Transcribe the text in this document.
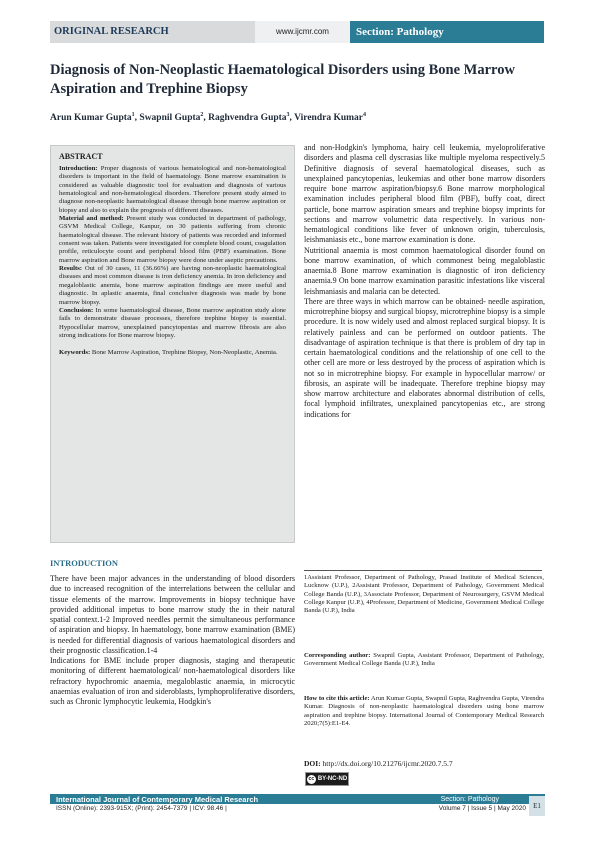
ORIGINAL RESEARCH	www.ijcmr.com	Section: Pathology
Diagnosis of Non-Neoplastic Haematological Disorders using Bone Marrow Aspiration and Trephine Biopsy
Arun Kumar Gupta$^1$, Swapnil Gupta$^2$, Raghvendra Gupta$^3$, Virendra Kumar$^4$
ABSTRACT

Introduction: Proper diagnosis of various hematological and non-hematological disorders is important in the field of haematology. Bone marrow examination is considered as valuable diagnostic tool for evaluation and diagnosis of various hematological and non-hematological disorders. Therefore present study aimed to diagnose non-neoplastic haematological disease through bone marrow aspiration or biopsy and also to explain the prognosis of different diseases.

Material and method: Present study was conducted in department of pathology, GSVM Medical College, Kanpur, on 30 patients suffering from chronic haematological disease. The relevant history of patients was recorded and informed consent was taken. Patients were investigated for complete blood count, coagulation profile, reticulocyte count and peripheral blood film (PBF) examination. Bone marrow aspiration and Bone marrow biopsy were done under aseptic precautions.

Results: Out of 30 cases, 11 (36.66%) are having non-neoplastic haematological diseases and most common disease is iron deficiency anemia. In iron deficiency and megaloblastic anemia, bone marrow aspiration findings are more useful and diagnostic. In aplastic anaemia, final conclusive diagnosis was made by bone marrow biopsy.

Conclusion: In some haematological disease, Bone marrow aspiration study alone fails to demonstrate disease processes, therefore trephine biopsy is essential. Hypocellular marrow, unexplained pancytopenias and marrow fibrosis are also strong indications for Bone marrow biopsy.

Keywords: Bone Marrow Aspiration, Trephine Biopsy, Non-Neoplastic, Anemia.

INTRODUCTION

There have been major advances in the understanding of blood disorders due to increased recognition of the interrelations between the cellular and tissue elements of the marrow. Improvements in biopsy technique have provided additional impetus to bone marrow study the in their natural spatial context.1-2 Improved needles permit the simultaneous performance of aspiration and biopsy. In haematology, bone marrow examination (BME) is needed for differential diagnosis of various haematological disorders and their prognostic classification.1-4

Indications for BME include proper diagnosis, staging and therapeutic monitoring of different haematological/ non-haematological disorders like refractory hypochromic anaemia, megaloblastic anaemia, in microcytic anaemias evaluation of iron and sideroblasts, lymphoproliferative disorders, such as Chronic lymphocytic leukemia, Hodgkin's

and non-Hodgkin's lymphoma, hairy cell leukemia, myeloproliferative disorders and plasma cell dyscrasias like multiple myeloma respectively.5 Definitive diagnosis of several haematological diseases, such as unexplained pancytopenias, leukemias and other bone marrow disorders require bone marrow aspiration/biopsy.6 Bone marrow morphological examination includes peripheral blood film (PBF), buffy coat, direct particle, bone marrow aspiration smears and trephine biopsy imprints for sections and marrow volumetric data respectively. In various non-hematological conditions like fever of unknown origin, tuberculosis, leishmaniasis etc., bone marrow examination is done.

Nutritional anaemia is most common haematological disorder found on bone marrow examination, of which commonest being megaloblastic anaemia.8 Bone marrow examination is diagnostic of iron deficiency anaemia.9 On bone marrow examination parasitic infestations like visceral leishmaniasis and malaria can be detected.

There are three ways in which marrow can be obtained- needle aspiration, microtrephine biopsy and surgical biopsy, microtrephine biopsy is a simple procedure. It is now widely used and almost replaced surgical biopsy. It is relatively painless and can be performed on outdoor patients. The disadvantage of aspiration technique is that there is problem of dry tap in certain haematological conditions and the relationship of one cell to the other cell are more or less destroyed by the process of aspiration which is not so in microtrephine biopsy. For example in hypocellular marrow/ or fibrosis, an aspirate will be inadequate. Therefore trephine biopsy may show marrow architecture and elaborates abnormal distribution of cells, focal lymphoid infiltrates, unexplained pancytopenias etc., are strong indications for

1Assistant Professor, Department of Pathology, Prasad Institute of Medical Sciences, Lucknow (U.P.), 2Assistant Professor, Department of Pathology, Government Medical College Banda (U.P.), 3Associate Professor, Department of Neurosurgery, GSVM Medical College Kanpur (U.P.), 4Professor, Department of Medicine, Government Medical College Banda (U.P.), India

Corresponding author: Swapnil Gupta, Assistant Professor, Department of Pathology, Government Medical College Banda (U.P.), India

How to cite this article: Arun Kumar Gupta, Swapnil Gupta, Raghvendra Gupta, Virendra Kumar. Diagnosis of non-neoplastic haematological disorders using bone marrow aspiration and trephine biopsy. International Journal of Contemporary Medical Research 2020;7(5):E1-E4.

DOI: http://dx.doi.org/10.21276/ijcmr.2020.7.5.7

cc BY-NC-ND
International Journal of Contemporary Medical Research	Section: Pathology
ISSN (Online): 2393-915X; (Print): 2454-7379 | ICV: 98.46 |	Volume 7 | Issue 5 | May 2020	E1
